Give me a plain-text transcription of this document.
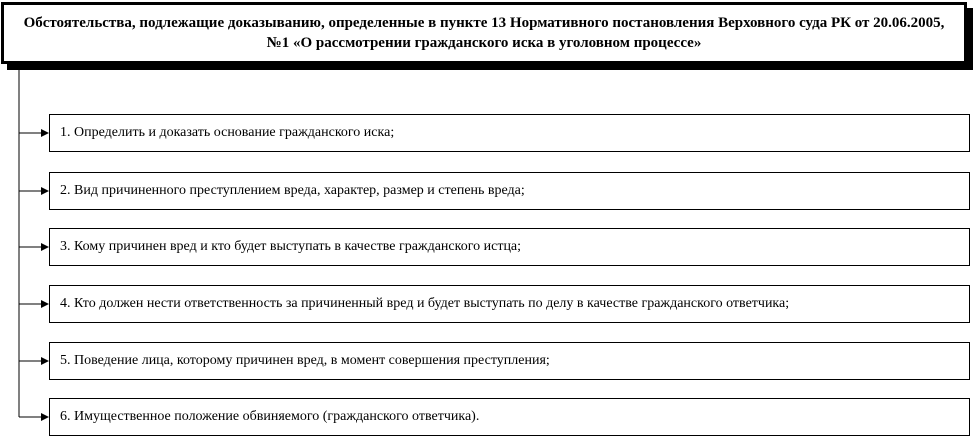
Обстоятельства, подлежащие доказыванию, определенные в пункте 13 Нормативного постановления Верховного суда РК от 20.06.2005, №1 «О рассмотрении гражданского иска в уголовном процессе»
1. Определить и доказать основание гражданского иска;
2. Вид причиненного преступлением вреда, характер, размер и степень вреда;
3. Кому причинен вред и кто будет выступать в качестве гражданского истца;
4. Кто должен нести ответственность за причиненный вред и будет выступать по делу в качестве гражданского ответчика;
5. Поведение лица, которому причинен вред, в момент совершения преступления;
6. Имущественное положение обвиняемого (гражданского ответчика).
